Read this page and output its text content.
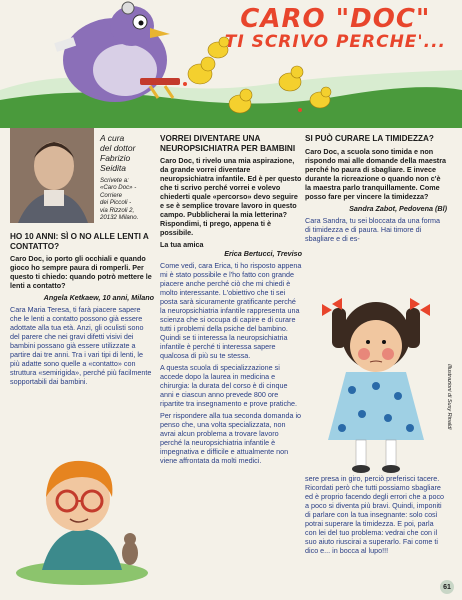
CARO "DOC"
TI SCRIVO PERCHE'...
A cura
del dottor
Fabrizio
Seidita
Scrivete a:
«Caro Doc» -
Corriere
dei Piccoli -
via Rizzoli 2,
20132 Milano.

HO 10 ANNI: SÌ O NO ALLE LENTI A CONTATTO?

Caro Doc, io porto gli occhiali e quando gioco ho sempre paura di romperli. Per questo ti chiedo: quando potrò mettere le lenti a contatto?

Angela Ketkaew, 10 anni, Milano

Cara Maria Teresa, ti farà piacere sapere che le lenti a contatto possono già essere adottate alla tua età. Anzi, gli oculisti sono del parere che nei gravi difetti visivi dei bambini possano già essere utilizzate a partire dai tre anni. Tra i vari tipi di lenti, le più adatte sono quelle a «contatto» con struttura «semirigida», perché più facilmente sopportabili dai bambini.

VORREI DIVENTARE UNA NEUROPSICHIATRA PER BAMBINI

Caro Doc, ti rivelo una mia aspirazione, da grande vorrei diventare neuropsichiatra infantile. Ed è per questo che ti scrivo perché vorrei e volevo chiederti quale «percorso» devo seguire e se è semplice trovare lavoro in questo campo. Pubblicherai la mia letterina? Rispondimi, ti prego, appena ti è possibile.

La tua amica

Erica Bertucci, Treviso

Come vedi, cara Erica, ti ho risposto appena mi è stato possibile e l'ho fatto con grande piacere anche perché ciò che mi chiedi è molto interessante. L'obiettivo che ti sei posta sarà sicuramente gratificante perché la neuropsichiatria infantile rappresenta una scienza che si occupa di capire e di curare tutti i problemi della psiche del bambino. Quindi se ti interessa la neuropsichiatria infantile è perché ti interessa sapere qualcosa di più su te stessa.

A questa scuola di specializzazione si accede dopo la laurea in medicina e chirurgia: la durata del corso è di cinque anni e ciascun anno prevede 800 ore ripartite tra insegnamento e prove pratiche.

Per rispondere alla tua seconda domanda io penso che, una volta specializzata, non avrai alcun problema a trovare lavoro perché la neuropsichiatria infantile è impegnativa e difficile e attualmente non viene affrontata da molti medici.

SI PUÒ CURARE LA TIMIDEZZA?

Caro Doc, a scuola sono timida e non rispondo mai alle domande della maestra perché ho paura di sbagliare. E invece durante la ricreazione o quando non c'è la maestra parlo tranquillamente. Come posso fare per vincere la timidezza?

Sandra Zabot, Pedovena (Bl)

Cara Sandra, tu sei bloccata da una forma di timidezza e di paura. Hai timore di sbagliare e di es-

Illustrazioni di Susy Rinaldi

sere presa in giro, perciò preferisci tacere. Ricordati però che tutti possiamo sbagliare ed è proprio facendo degli errori che a poco a poco si diventa più bravi. Quindi, imponiti di parlare con la tua insegnante: solo così potrai superare la timidezza. E poi, parla con lei del tuo problema: vedrai che con il suo aiuto riuscirai a superarlo. Fai come ti dico e... in bocca al lupo!!!

61
